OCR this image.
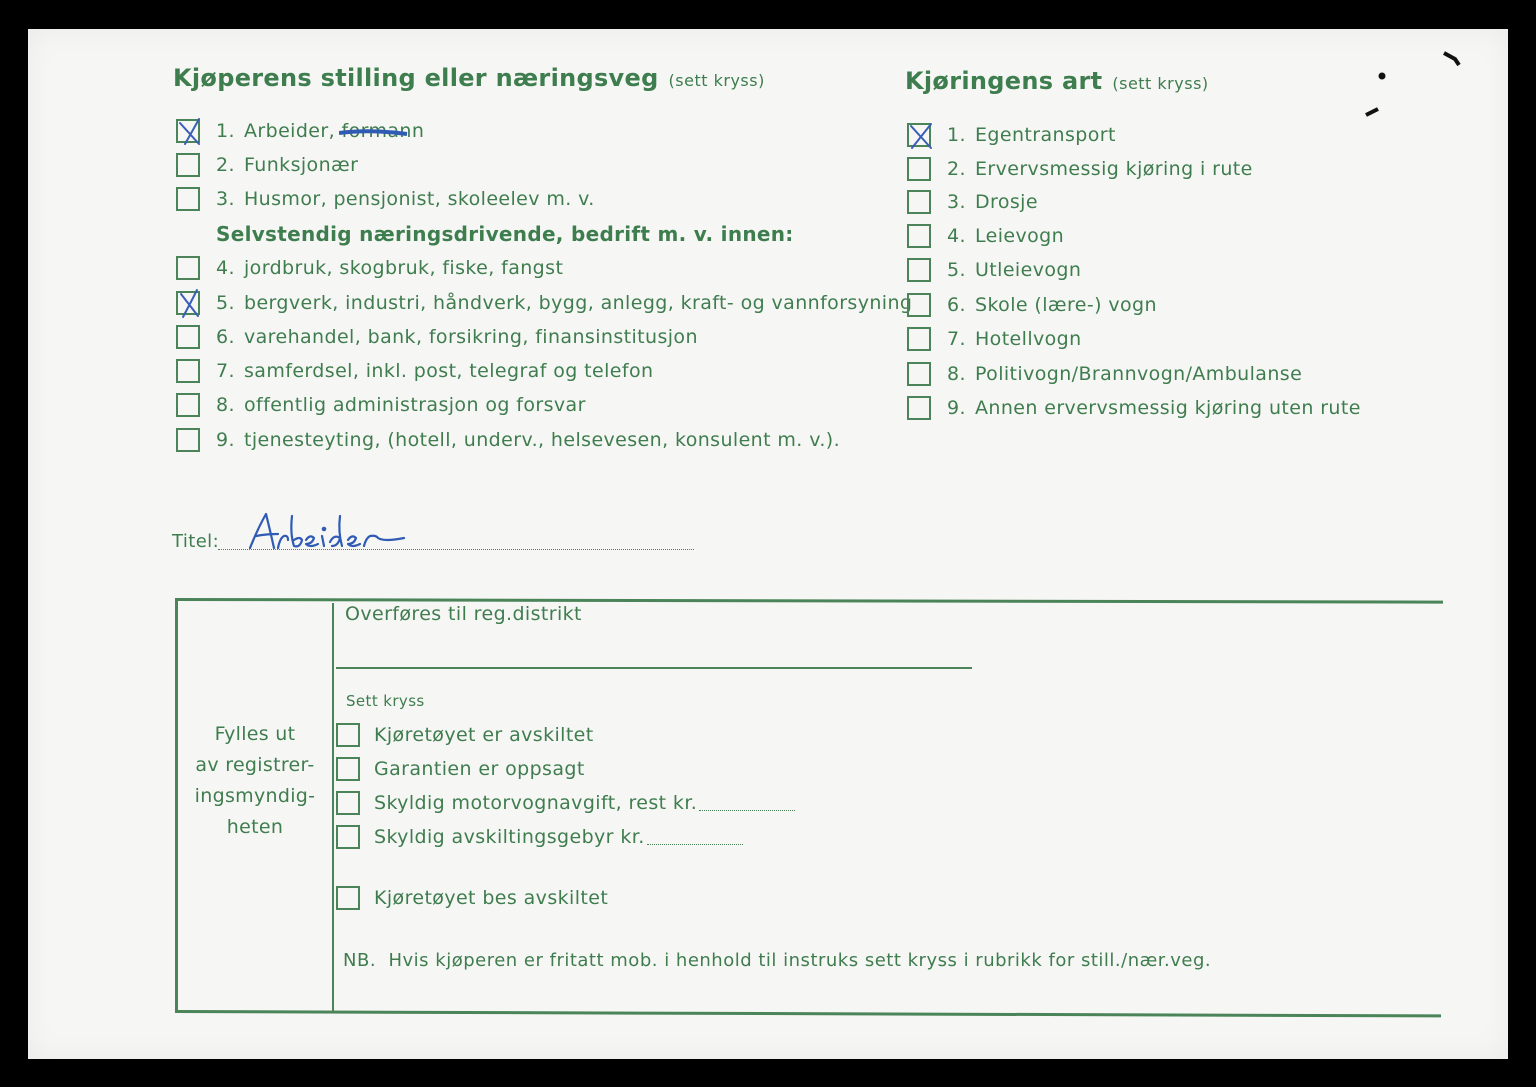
Kjøperens stilling eller næringsveg (sett kryss)
1. Arbeider, formann
2. Funksjonær
3. Husmor, pensjonist, skoleelev m. v.
Selvstendig næringsdrivende, bedrift m. v. innen:
4. jordbruk, skogbruk, fiske, fangst
5. bergverk, industri, håndverk, bygg, anlegg, kraft- og vannforsyning
6. varehandel, bank, forsikring, finansinstitusjon
7. samferdsel, inkl. post, telegraf og telefon
8. offentlig administrasjon og forsvar
9. tjenesteyting, (hotell, underv., helsevesen, konsulent m. v.).
Kjøringens art (sett kryss)
1. Egentransport
2. Ervervsmessig kjøring i rute
3. Drosje
4. Leievogn
5. Utleievogn
6. Skole (lære-) vogn
7. Hotellvogn
8. Politivogn/Brannvogn/Ambulanse
9. Annen ervervsmessig kjøring uten rute
Titel:
Fylles ut
av registrer-
ingsmyndig-
heten
Overføres til reg.distrikt
Sett kryss
Kjøretøyet er avskiltet
Garantien er oppsagt
Skyldig motorvognavgift, rest kr.
Skyldig avskiltingsgebyr kr.
Kjøretøyet bes avskiltet
NB.  Hvis kjøperen er fritatt mob. i henhold til instruks sett kryss i rubrikk for still./nær.veg.
